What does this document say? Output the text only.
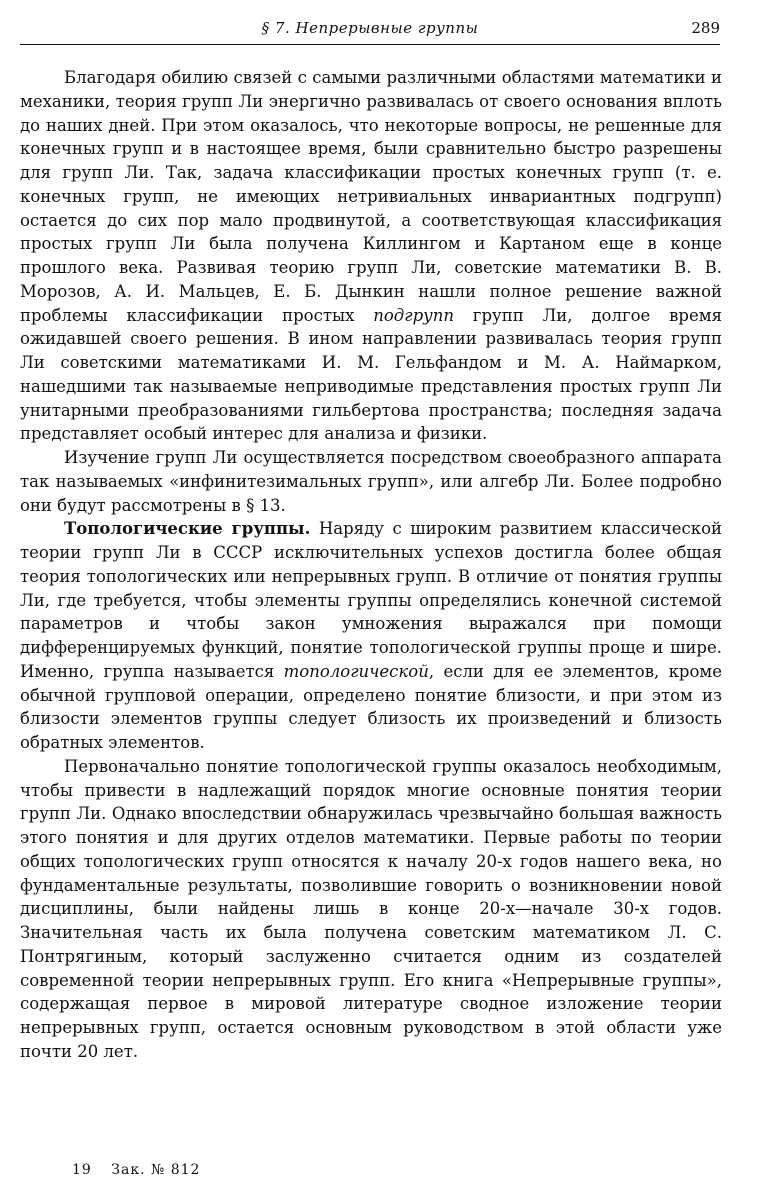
§ 7. Непрерывные группы	289

Благодаря обилию связей с самыми различными областями математики и механики, теория групп Ли энергично развивалась от своего основания вплоть до наших дней. При этом оказалось, что некоторые вопросы, не решенные для конечных групп и в настоящее время, были сравнительно быстро разрешены для групп Ли. Так, задача классификации простых конечных групп (т. е. конечных групп, не имеющих нетривиальных инвариантных подгрупп) остается до сих пор мало продвинутой, а соответствующая классификация простых групп Ли была получена Киллингом и Картаном еще в конце прошлого века. Развивая теорию групп Ли, советские математики В. В. Морозов, А. И. Мальцев, Е. Б. Дынкин нашли полное решение важной проблемы классификации простых подгрупп групп Ли, долгое время ожидавшей своего решения. В ином направлении развивалась теория групп Ли советскими математиками И. М. Гельфандом и М. А. Наймарком, нашедшими так называемые неприводимые представления простых групп Ли унитарными преобразованиями гильбертова пространства; последняя задача представляет особый интерес для анализа и физики.

Изучение групп Ли осуществляется посредством своеобразного аппарата так называемых «инфинитезимальных групп», или алгебр Ли. Более подробно они будут рассмотрены в § 13.

Топологические группы. Наряду с широким развитием классической теории групп Ли в СССР исключительных успехов достигла более общая теория топологических или непрерывных групп. В отличие от понятия группы Ли, где требуется, чтобы элементы группы определялись конечной системой параметров и чтобы закон умножения выражался при помощи дифференцируемых функций, понятие топологической группы проще и шире. Именно, группа называется топологической, если для ее элементов, кроме обычной групповой операции, определено понятие близости, и при этом из близости элементов группы следует близость их произведений и близость обратных элементов.

Первоначально понятие топологической группы оказалось необходимым, чтобы привести в надлежащий порядок многие основные понятия теории групп Ли. Однако впоследствии обнаружилась чрезвычайно большая важность этого понятия и для других отделов математики. Первые работы по теории общих топологических групп относятся к началу 20-х годов нашего века, но фундаментальные результаты, позволившие говорить о возникновении новой дисциплины, были найдены лишь в конце 20-х—начале 30-х годов. Значительная часть их была получена советским математиком Л. С. Понтрягиным, который заслуженно считается одним из создателей современной теории непрерывных групп. Его книга «Непрерывные группы», содержащая первое в мировой литературе сводное изложение теории непрерывных групп, остается основным руководством в этой области уже почти 20 лет.

19 Зак. № 812
